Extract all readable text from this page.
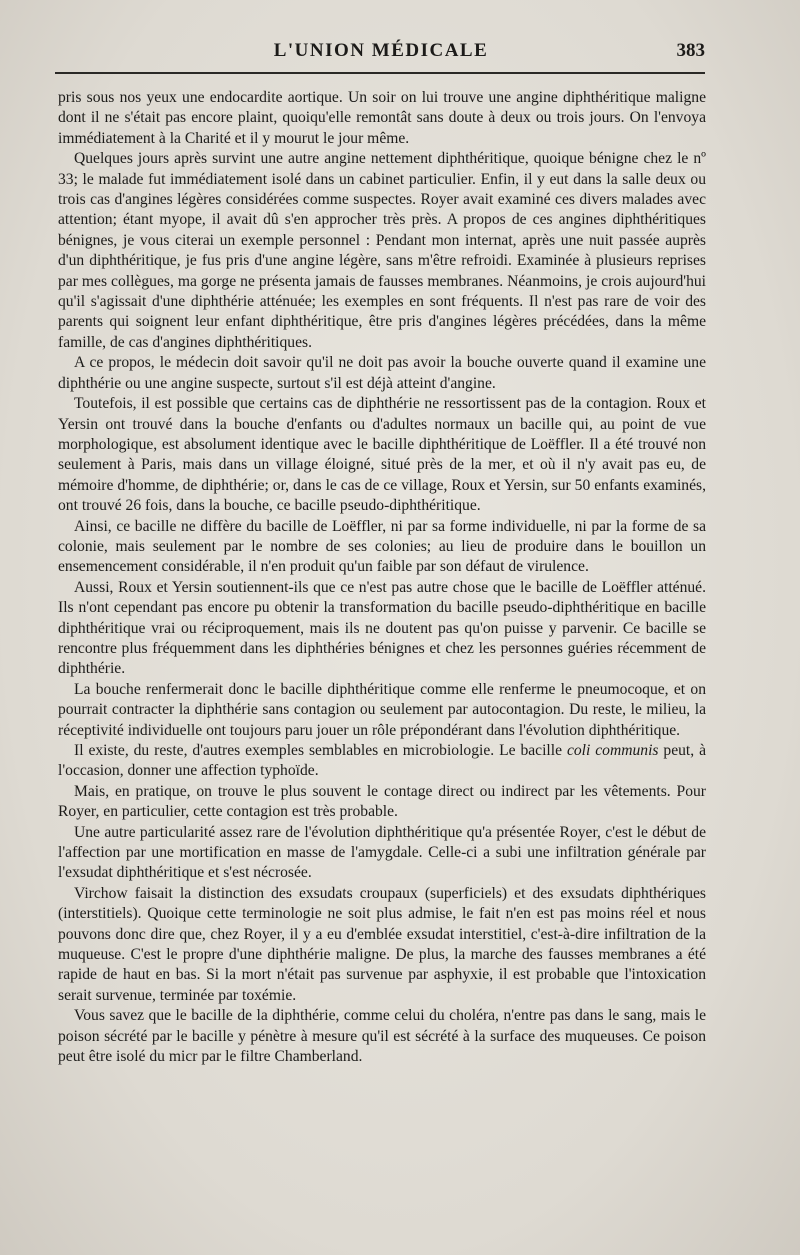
L'UNION MÉDICALE	383

pris sous nos yeux une endocardite aortique. Un soir on lui trouve une angine diphthéritique maligne dont il ne s'était pas encore plaint, quoiqu'elle remontât sans doute à deux ou trois jours. On l'envoya immédiatement à la Charité et il y mourut le jour même.

Quelques jours après survint une autre angine nettement diphthéritique, quoique bénigne chez le nº 33; le malade fut immédiatement isolé dans un cabinet particulier. Enfin, il y eut dans la salle deux ou trois cas d'angines légères considérées comme suspectes. Royer avait examiné ces divers malades avec attention; étant myope, il avait dû s'en approcher très près. A propos de ces angines diphthéritiques bénignes, je vous citerai un exemple personnel : Pendant mon internat, après une nuit passée auprès d'un diphthéritique, je fus pris d'une angine légère, sans m'être refroidi. Examinée à plusieurs reprises par mes collègues, ma gorge ne présenta jamais de fausses membranes. Néanmoins, je crois aujourd'hui qu'il s'agissait d'une diphthérie atténuée; les exemples en sont fréquents. Il n'est pas rare de voir des parents qui soignent leur enfant diphthéritique, être pris d'angines légères précédées, dans la même famille, de cas d'angines diphthéritiques.

A ce propos, le médecin doit savoir qu'il ne doit pas avoir la bouche ouverte quand il examine une diphthérie ou une angine suspecte, surtout s'il est déjà atteint d'angine.

Toutefois, il est possible que certains cas de diphthérie ne ressortissent pas de la contagion. Roux et Yersin ont trouvé dans la bouche d'enfants ou d'adultes normaux un bacille qui, au point de vue morphologique, est absolument identique avec le bacille diphthéritique de Loëffler. Il a été trouvé non seulement à Paris, mais dans un village éloigné, situé près de la mer, et où il n'y avait pas eu, de mémoire d'homme, de diphthérie; or, dans le cas de ce village, Roux et Yersin, sur 50 enfants examinés, ont trouvé 26 fois, dans la bouche, ce bacille pseudo-diphthéritique.

Ainsi, ce bacille ne diffère du bacille de Loëffler, ni par sa forme individuelle, ni par la forme de sa colonie, mais seulement par le nombre de ses colonies; au lieu de produire dans le bouillon un ensemencement considérable, il n'en produit qu'un faible par son défaut de virulence.

Aussi, Roux et Yersin soutiennent-ils que ce n'est pas autre chose que le bacille de Loëffler atténué. Ils n'ont cependant pas encore pu obtenir la transformation du bacille pseudo-diphthéritique en bacille diphthéritique vrai ou réciproquement, mais ils ne doutent pas qu'on puisse y parvenir. Ce bacille se rencontre plus fréquemment dans les diphthéries bénignes et chez les personnes guéries récemment de diphthérie.

La bouche renfermerait donc le bacille diphthéritique comme elle renferme le pneumocoque, et on pourrait contracter la diphthérie sans contagion ou seulement par autocontagion. Du reste, le milieu, la réceptivité individuelle ont toujours paru jouer un rôle prépondérant dans l'évolution diphthéritique.

Il existe, du reste, d'autres exemples semblables en microbiologie. Le bacille coli communis peut, à l'occasion, donner une affection typhoïde.

Mais, en pratique, on trouve le plus souvent le contage direct ou indirect par les vêtements. Pour Royer, en particulier, cette contagion est très probable.

Une autre particularité assez rare de l'évolution diphthéritique qu'a présentée Royer, c'est le début de l'affection par une mortification en masse de l'amygdale. Celle-ci a subi une infiltration générale par l'exsudat diphthéritique et s'est nécrosée.

Virchow faisait la distinction des exsudats croupaux (superficiels) et des exsudats diphthériques (interstitiels). Quoique cette terminologie ne soit plus admise, le fait n'en est pas moins réel et nous pouvons donc dire que, chez Royer, il y a eu d'emblée exsudat interstitiel, c'est-à-dire infiltration de la muqueuse. C'est le propre d'une diphthérie maligne. De plus, la marche des fausses membranes a été rapide de haut en bas. Si la mort n'était pas survenue par asphyxie, il est probable que l'intoxication serait survenue, terminée par toxémie.

Vous savez que le bacille de la diphthérie, comme celui du choléra, n'entre pas dans le sang, mais le poison sécrété par le bacille y pénètre à mesure qu'il est sécrété à la surface des muqueuses. Ce poison peut être isolé du micr par le filtre Chamberland.
